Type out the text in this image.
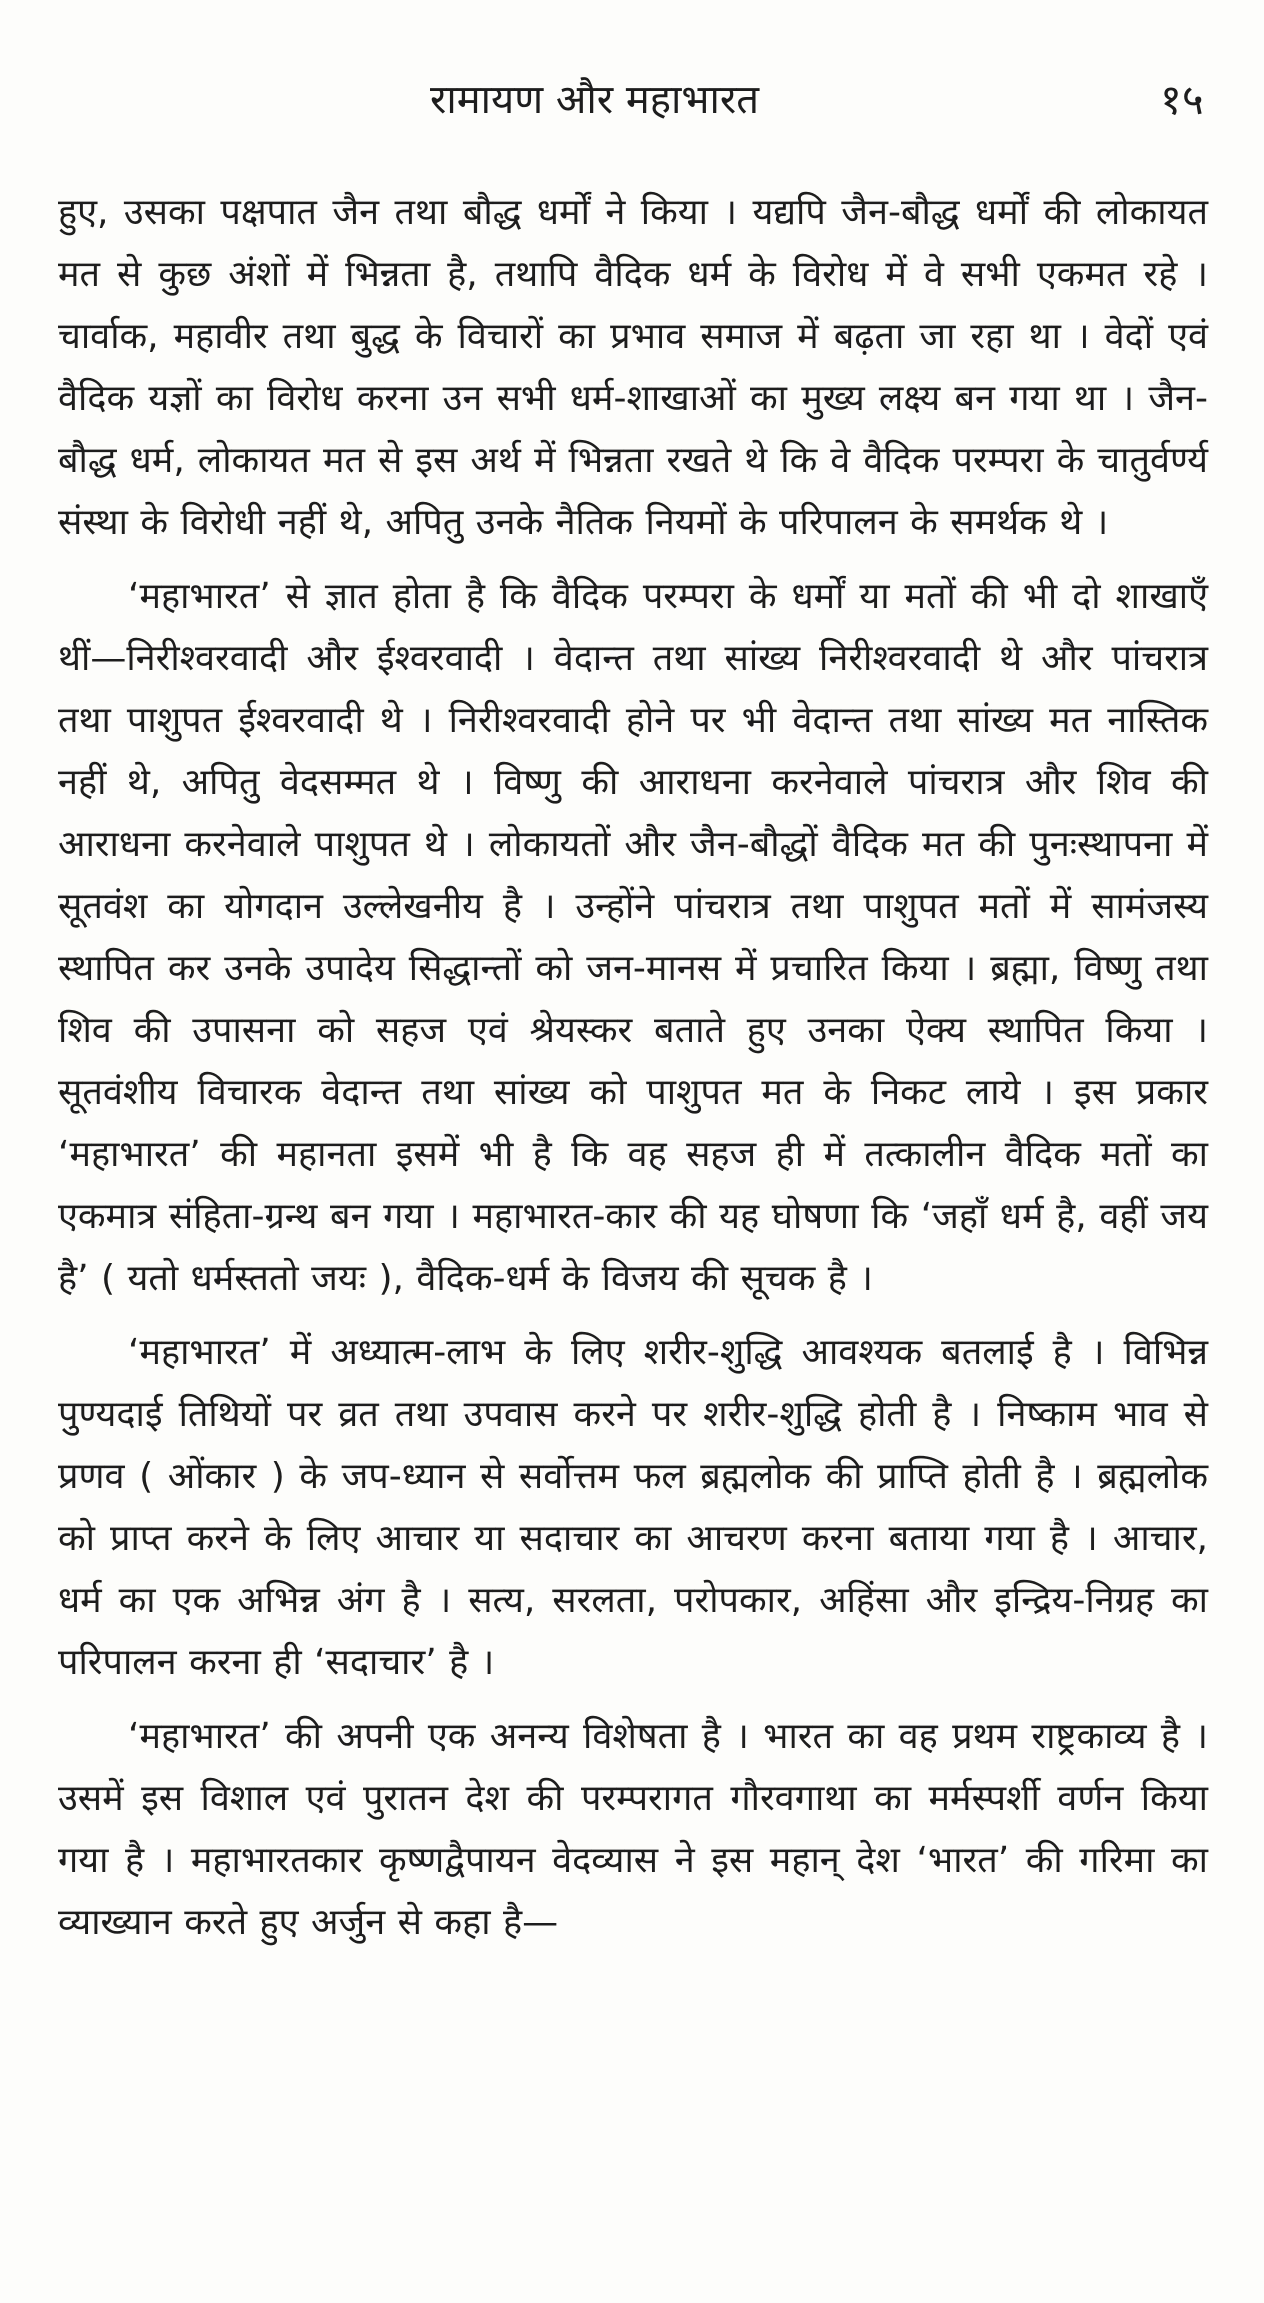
रामायण और महाभारत	१५

हुए, उसका पक्षपात जैन तथा बौद्ध धर्मों ने किया । यद्यपि जैन-बौद्ध धर्मों की लोकायत मत से कुछ अंशों में भिन्नता है, तथापि वैदिक धर्म के विरोध में वे सभी एकमत रहे । चार्वाक, महावीर तथा बुद्ध के विचारों का प्रभाव समाज में बढ़ता जा रहा था । वेदों एवं वैदिक यज्ञों का विरोध करना उन सभी धर्म-शाखाओं का मुख्य लक्ष्य बन गया था । जैन-बौद्ध धर्म, लोकायत मत से इस अर्थ में भिन्नता रखते थे कि वे वैदिक परम्परा के चातुर्वर्ण्य संस्था के विरोधी नहीं थे, अपितु उनके नैतिक नियमों के परिपालन के समर्थक थे ।

‘महाभारत’ से ज्ञात होता है कि वैदिक परम्परा के धर्मों या मतों की भी दो शाखाएँ थीं—निरीश्वरवादी और ईश्वरवादी । वेदान्त तथा सांख्य निरीश्वरवादी थे और पांचरात्र तथा पाशुपत ईश्वरवादी थे । निरीश्वरवादी होने पर भी वेदान्त तथा सांख्य मत नास्तिक नहीं थे, अपितु वेदसम्मत थे । विष्णु की आराधना करनेवाले पांचरात्र और शिव की आराधना करनेवाले पाशुपत थे । लोकायतों और जैन-बौद्धों वैदिक मत की पुनःस्थापना में सूतवंश का योगदान उल्लेखनीय है । उन्होंने पांचरात्र तथा पाशुपत मतों में सामंजस्य स्थापित कर उनके उपादेय सिद्धान्तों को जन-मानस में प्रचारित किया । ब्रह्मा, विष्णु तथा शिव की उपासना को सहज एवं श्रेयस्कर बताते हुए उनका ऐक्य स्थापित किया । सूतवंशीय विचारक वेदान्त तथा सांख्य को पाशुपत मत के निकट लाये । इस प्रकार ‘महाभारत’ की महानता इसमें भी है कि वह सहज ही में तत्कालीन वैदिक मतों का एकमात्र संहिता-ग्रन्थ बन गया । महाभारत-कार की यह घोषणा कि ‘जहाँ धर्म है, वहीं जय है’ ( यतो धर्मस्ततो जयः ), वैदिक-धर्म के विजय की सूचक है ।

‘महाभारत’ में अध्यात्म-लाभ के लिए शरीर-शुद्धि आवश्यक बतलाई है । विभिन्न पुण्यदाई तिथियों पर व्रत तथा उपवास करने पर शरीर-शुद्धि होती है । निष्काम भाव से प्रणव ( ओंकार ) के जप-ध्यान से सर्वोत्तम फल ब्रह्मलोक की प्राप्ति होती है । ब्रह्मलोक को प्राप्त करने के लिए आचार या सदाचार का आचरण करना बताया गया है । आचार, धर्म का एक अभिन्न अंग है । सत्य, सरलता, परोपकार, अहिंसा और इन्द्रिय-निग्रह का परिपालन करना ही ‘सदाचार’ है ।

‘महाभारत’ की अपनी एक अनन्य विशेषता है । भारत का वह प्रथम राष्ट्रकाव्य है । उसमें इस विशाल एवं पुरातन देश की परम्परागत गौरवगाथा का मर्मस्पर्शी वर्णन किया गया है । महाभारतकार कृष्णद्वैपायन वेदव्यास ने इस महान् देश ‘भारत’ की गरिमा का व्याख्यान करते हुए अर्जुन से कहा है—
